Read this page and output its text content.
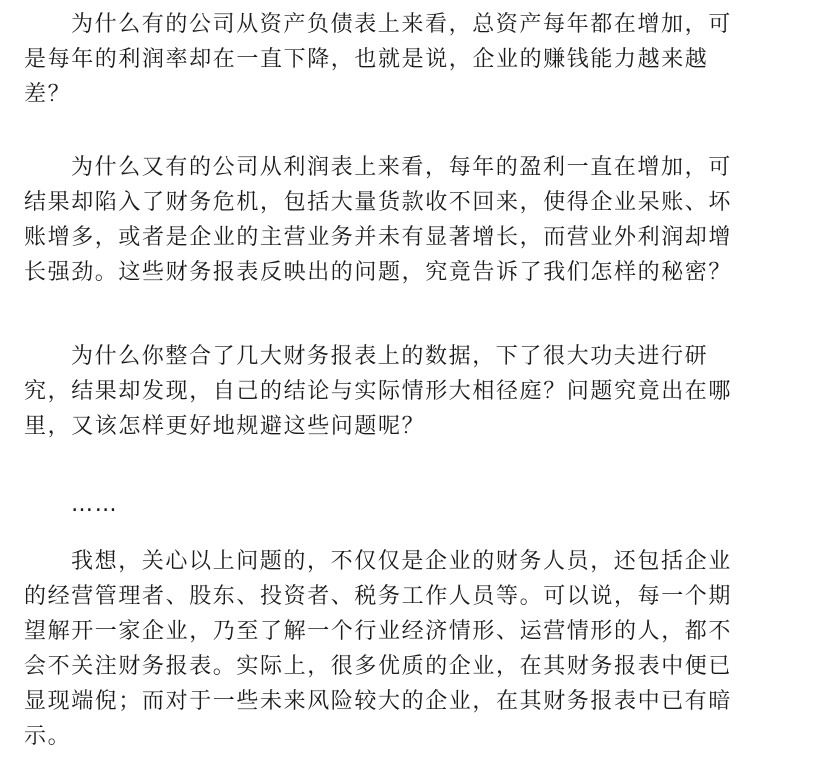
为什么有的公司从资产负债表上来看，总资产每年都在增加，可
是每年的利润率却在一直下降，也就是说，企业的赚钱能力越来越
差？
为什么又有的公司从利润表上来看，每年的盈利一直在增加，可
结果却陷入了财务危机，包括大量货款收不回来，使得企业呆账、坏
账增多，或者是企业的主营业务并未有显著增长，而营业外利润却增
长强劲。这些财务报表反映出的问题，究竟告诉了我们怎样的秘密？
为什么你整合了几大财务报表上的数据，下了很大功夫进行研
究，结果却发现，自己的结论与实际情形大相径庭？问题究竟出在哪
里，又该怎样更好地规避这些问题呢？
……
我想，关心以上问题的，不仅仅是企业的财务人员，还包括企业
的经营管理者、股东、投资者、税务工作人员等。可以说，每一个期
望解开一家企业，乃至了解一个行业经济情形、运营情形的人，都不
会不关注财务报表。实际上，很多优质的企业，在其财务报表中便已
显现端倪；而对于一些未来风险较大的企业，在其财务报表中已有暗
示。
